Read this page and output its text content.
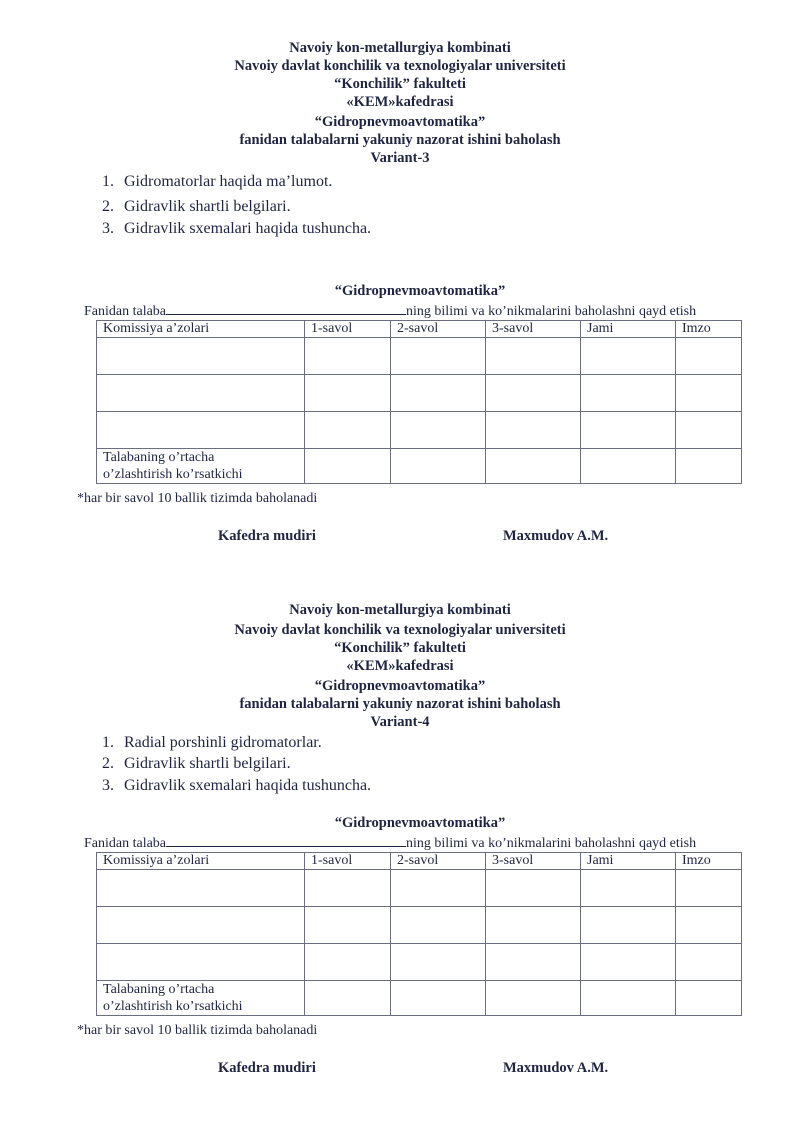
Navoiy kon-metallurgiya kombinati
Navoiy davlat konchilik va texnologiyalar universiteti
“Konchilik” fakulteti
«KEM»kafedrasi
“Gidropnevmoavtomatika”
fanidan talabalarni yakuniy nazorat ishini baholash
Variant-3
1. Gidromatorlar haqida ma’lumot.
2. Gidravlik shartli belgilari.
3. Gidravlik sxemalari haqida tushuncha.
“Gidropnevmoavtomatika”
Fanidan talaba	ning bilimi va ko’nikmalarini baholashni qayd etish
Komissiya a’zolari	1-savol	2-savol	3-savol	Jami	Imzo

Talabaning o’rtacha
o’zlashtirish ko’rsatkichi					

*har bir savol 10 ballik tizimda baholanadi
Kafedra mudiri	Maxmudov A.M.
Navoiy kon-metallurgiya kombinati
Navoiy davlat konchilik va texnologiyalar universiteti
“Konchilik” fakulteti
«KEM»kafedrasi
“Gidropnevmoavtomatika”
fanidan talabalarni yakuniy nazorat ishini baholash
Variant-4
1. Radial porshinli gidromatorlar.
2. Gidravlik shartli belgilari.
3. Gidravlik sxemalari haqida tushuncha.
“Gidropnevmoavtomatika”
Fanidan talaba	ning bilimi va ko’nikmalarini baholashni qayd etish
Komissiya a’zolari	1-savol	2-savol	3-savol	Jami	Imzo

Talabaning o’rtacha
o’zlashtirish ko’rsatkichi					

*har bir savol 10 ballik tizimda baholanadi
Kafedra mudiri	Maxmudov A.M.
